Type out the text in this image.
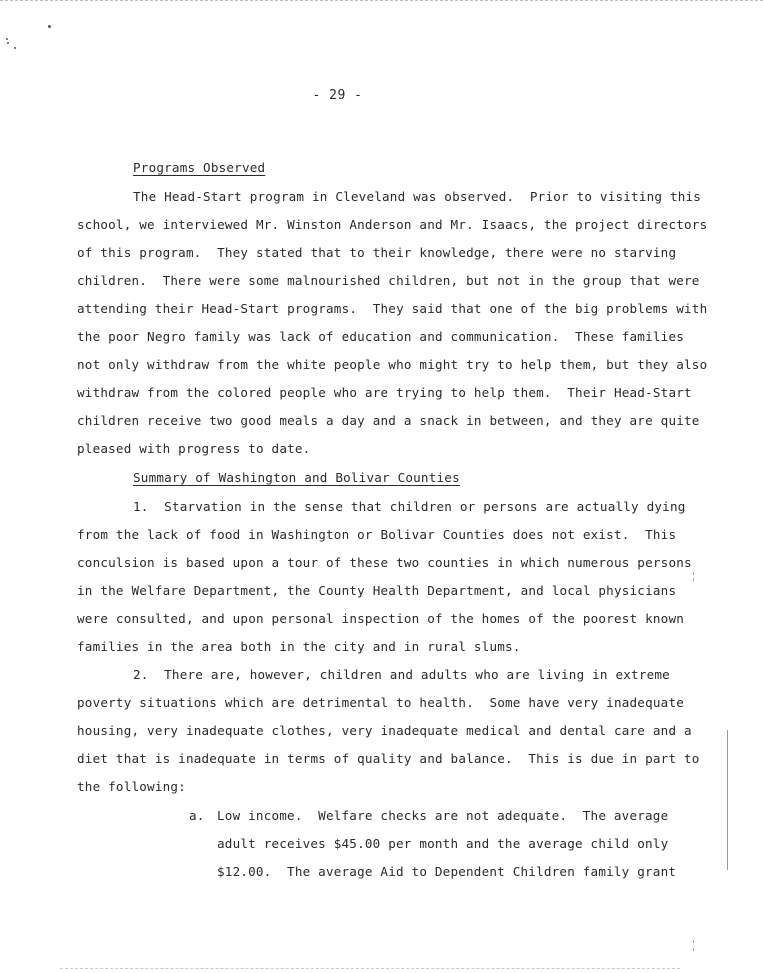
- 29 -
Programs Observed
The Head-Start program in Cleveland was observed.  Prior to visiting this
school, we interviewed Mr. Winston Anderson and Mr. Isaacs, the project directors
of this program.  They stated that to their knowledge, there were no starving
children.  There were some malnourished children, but not in the group that were
attending their Head-Start programs.  They said that one of the big problems with
the poor Negro family was lack of education and communication.  These families
not only withdraw from the white people who might try to help them, but they also
withdraw from the colored people who are trying to help them.  Their Head-Start
children receive two good meals a day and a snack in between, and they are quite
pleased with progress to date.
Summary of Washington and Bolivar Counties
1.  Starvation in the sense that children or persons are actually dying
from the lack of food in Washington or Bolivar Counties does not exist.  This
conculsion is based upon a tour of these two counties in which numerous persons
in the Welfare Department, the County Health Department, and local physicians
were consulted, and upon personal inspection of the homes of the poorest known
families in the area both in the city and in rural slums.
2.  There are, however, children and adults who are living in extreme
poverty situations which are detrimental to health.  Some have very inadequate
housing, very inadequate clothes, very inadequate medical and dental care and a
diet that is inadequate in terms of quality and balance.  This is due in part to
the following:
a. Low income.  Welfare checks are not adequate.  The average
adult receives $45.00 per month and the average child only
$12.00.  The average Aid to Dependent Children family grant
